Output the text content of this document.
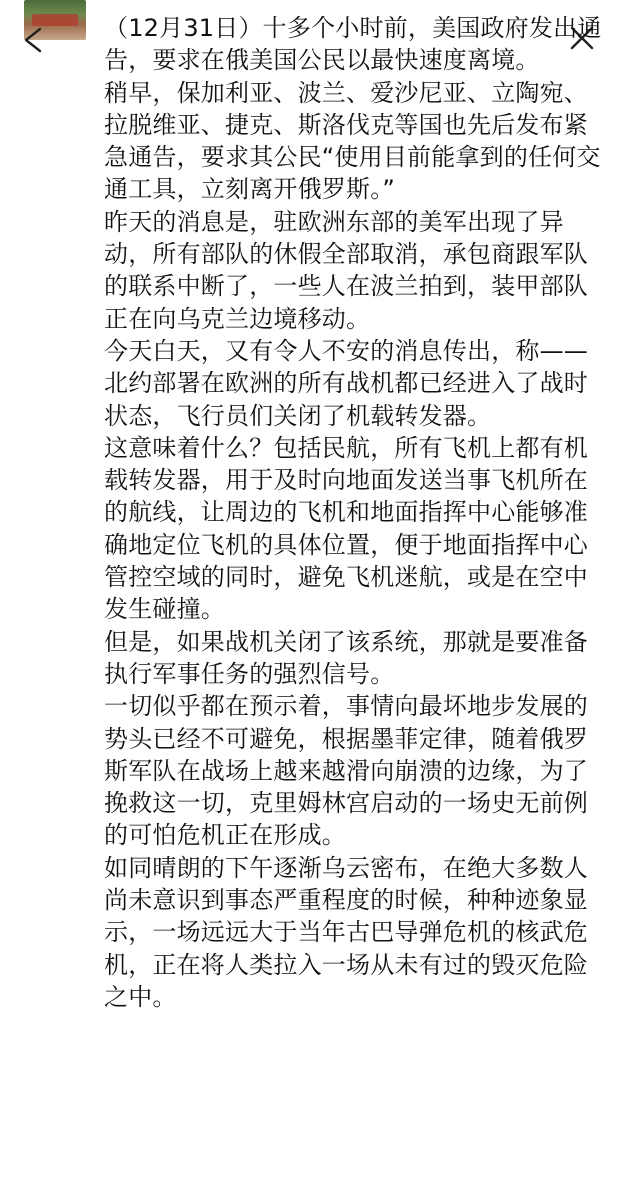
（12月31日）十多个小时前，美国政府发出通告，要求在俄美国公民以最快速度离境。

稍早，保加利亚、波兰、爱沙尼亚、立陶宛、拉脱维亚、捷克、斯洛伐克等国也先后发布紧急通告，要求其公民“使用目前能拿到的任何交通工具，立刻离开俄罗斯。”

昨天的消息是，驻欧洲东部的美军出现了异动，所有部队的休假全部取消，承包商跟军队的联系中断了，一些人在波兰拍到，装甲部队正在向乌克兰边境移动。

今天白天，又有令人不安的消息传出，称——北约部署在欧洲的所有战机都已经进入了战时状态，飞行员们关闭了机载转发器。

这意味着什么？包括民航，所有飞机上都有机载转发器，用于及时向地面发送当事飞机所在的航线，让周边的飞机和地面指挥中心能够准确地定位飞机的具体位置，便于地面指挥中心管控空域的同时，避免飞机迷航，或是在空中发生碰撞。

但是，如果战机关闭了该系统，那就是要准备执行军事任务的强烈信号。

一切似乎都在预示着，事情向最坏地步发展的势头已经不可避免，根据墨菲定律，随着俄罗斯军队在战场上越来越滑向崩溃的边缘，为了挽救这一切，克里姆林宫启动的一场史无前例的可怕危机正在形成。

如同晴朗的下午逐渐乌云密布，在绝大多数人尚未意识到事态严重程度的时候，种种迹象显示，一场远远大于当年古巴导弹危机的核武危机，正在将人类拉入一场从未有过的毁灭危险之中。
